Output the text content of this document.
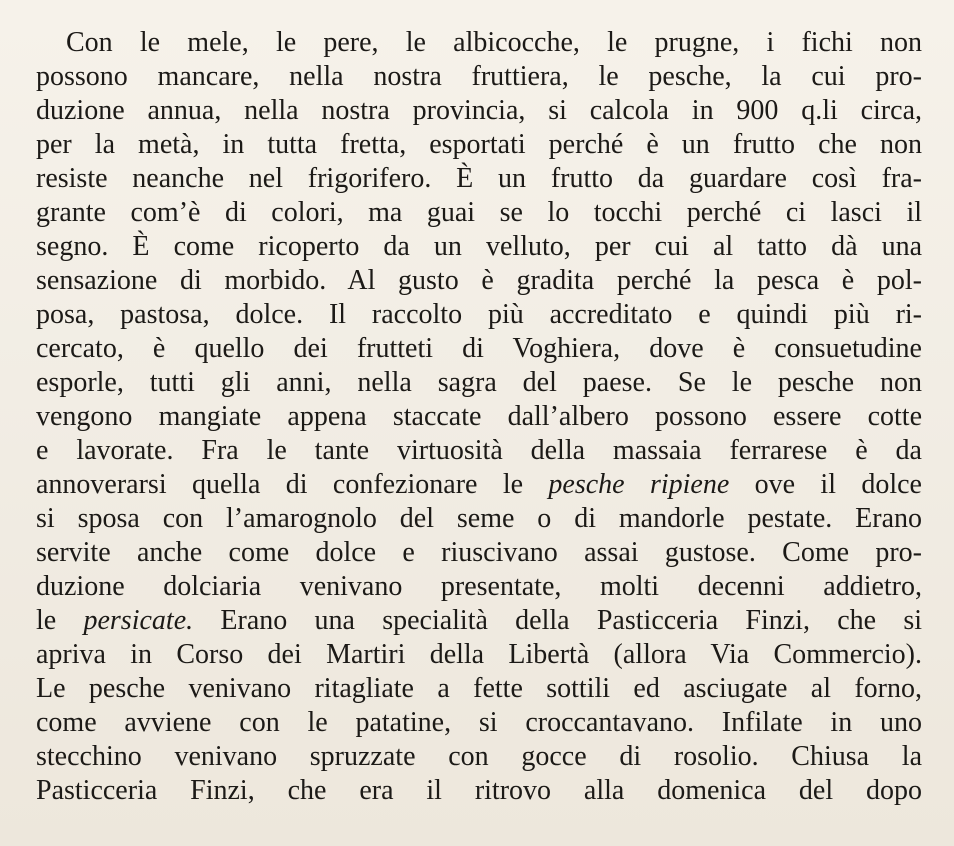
Con le mele, le pere, le albicocche, le prugne, i fichi non
possono mancare, nella nostra fruttiera, le pesche, la cui pro-
duzione annua, nella nostra provincia, si calcola in 900 q.li circa,
per la metà, in tutta fretta, esportati perché è un frutto che non
resiste neanche nel frigorifero. È un frutto da guardare così fra-
grante com’è di colori, ma guai se lo tocchi perché ci lasci il
segno. È come ricoperto da un velluto, per cui al tatto dà una
sensazione di morbido. Al gusto è gradita perché la pesca è pol-
posa, pastosa, dolce. Il raccolto più accreditato e quindi più ri-
cercato, è quello dei frutteti di Voghiera, dove è consuetudine
esporle, tutti gli anni, nella sagra del paese. Se le pesche non
vengono mangiate appena staccate dall’albero possono essere cotte
e lavorate. Fra le tante virtuosità della massaia ferrarese è da
annoverarsi quella di confezionare le pesche ripiene ove il dolce
si sposa con l’amarognolo del seme o di mandorle pestate. Erano
servite anche come dolce e riuscivano assai gustose. Come pro-
duzione dolciaria venivano presentate, molti decenni addietro,
le persicate. Erano una specialità della Pasticceria Finzi, che si
apriva in Corso dei Martiri della Libertà (allora Via Commercio).
Le pesche venivano ritagliate a fette sottili ed asciugate al forno,
come avviene con le patatine, si croccantavano. Infilate in uno
stecchino venivano spruzzate con gocce di rosolio. Chiusa la
Pasticceria Finzi, che era il ritrovo alla domenica del dopo
